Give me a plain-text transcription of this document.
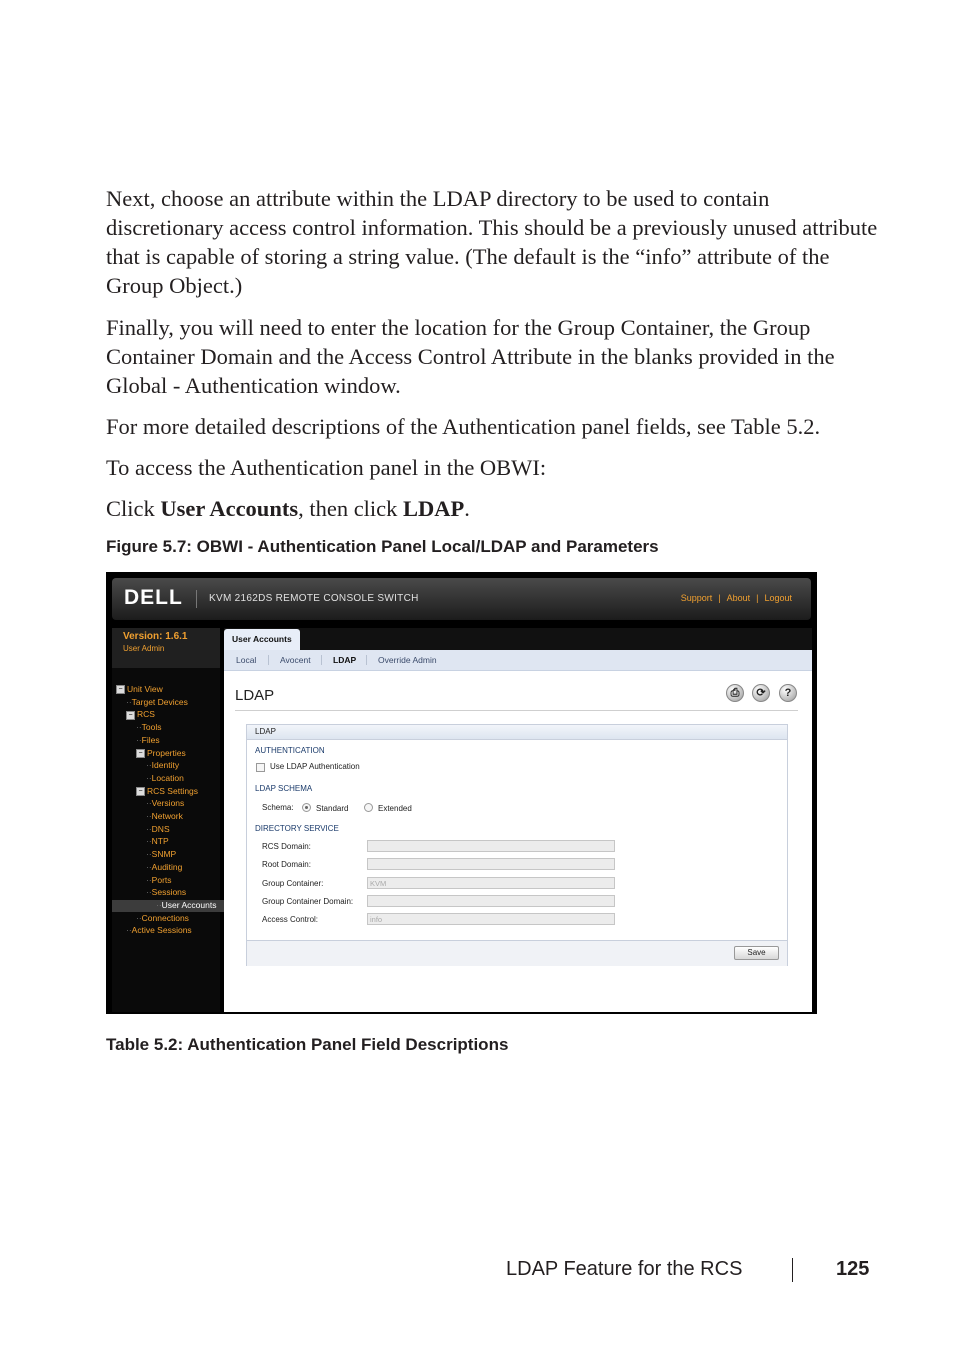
Next, choose an attribute within the LDAP directory to be used to contain discretionary access control information. This should be a previously unused attribute that is capable of storing a string value. (The default is the “info” attribute of the Group Object.)

Finally, you will need to enter the location for the Group Container, the Group Container Domain and the Access Control Attribute in the blanks provided in the Global - Authentication window.

For more detailed descriptions of the Authentication panel fields, see Table 5.2.

To access the Authentication panel in the OBWI:

Click User Accounts, then click LDAP.

Figure 5.7: OBWI - Authentication Panel Local/LDAP and Parameters

DELL	KVM 2162DS REMOTE CONSOLE SWITCH	Support | About | Logout
Version: 1.6.1
User Admin
− Unit View
··Target Devices
− RCS
··Tools
··Files
− Properties
··Identity
··Location
− RCS Settings
··Versions
··Network
··DNS
··NTP
··SNMP
··Auditing
··Ports
··Sessions
··User Accounts
··Connections
··Active Sessions
User Accounts
Local	Avocent	LDAP	Override Admin
LDAP	⎙	⟳	?
LDAP
AUTHENTICATION
Use LDAP Authentication
LDAP SCHEMA
Schema:	Standard	Extended
DIRECTORY SERVICE
RCS Domain:
Root Domain:
Group Container:	KVM
Group Container Domain:
Access Control:	info
Save

Table 5.2: Authentication Panel Field Descriptions

LDAP Feature for the RCS	125
